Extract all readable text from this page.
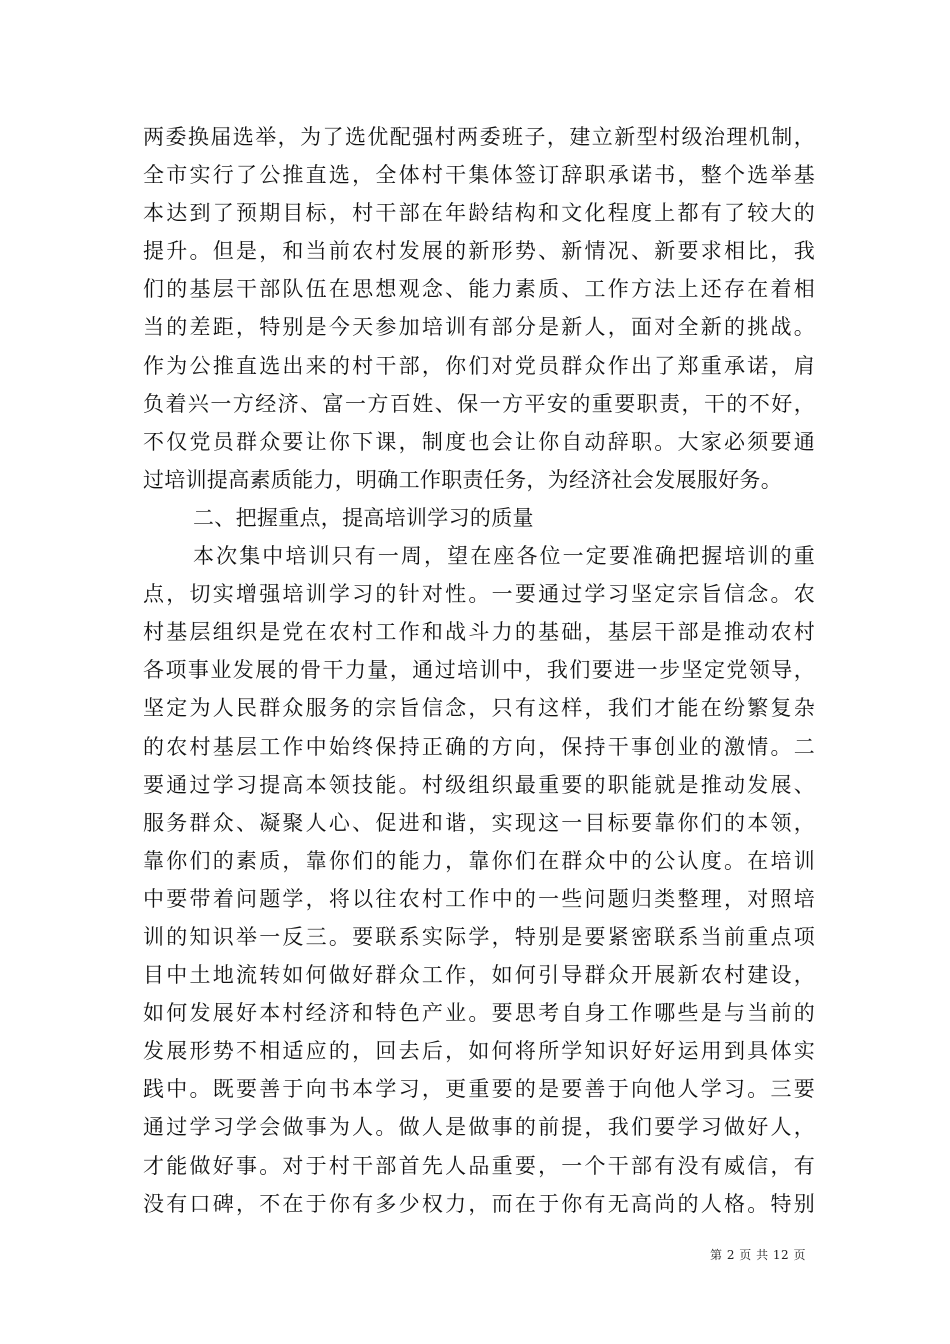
两委换届选举，为了选优配强村两委班子，建立新型村级治理机制，
全市实行了公推直选，全体村干集体签订辞职承诺书，整个选举基
本达到了预期目标，村干部在年龄结构和文化程度上都有了较大的
提升。但是，和当前农村发展的新形势、新情况、新要求相比，我
们的基层干部队伍在思想观念、能力素质、工作方法上还存在着相
当的差距，特别是今天参加培训有部分是新人，面对全新的挑战。
作为公推直选出来的村干部，你们对党员群众作出了郑重承诺，肩
负着兴一方经济、富一方百姓、保一方平安的重要职责，干的不好，
不仅党员群众要让你下课，制度也会让你自动辞职。大家必须要通
过培训提高素质能力，明确工作职责任务，为经济社会发展服好务。
二、把握重点，提高培训学习的质量
本次集中培训只有一周，望在座各位一定要准确把握培训的重
点，切实增强培训学习的针对性。一要通过学习坚定宗旨信念。农
村基层组织是党在农村工作和战斗力的基础，基层干部是推动农村
各项事业发展的骨干力量，通过培训中，我们要进一步坚定党领导，
坚定为人民群众服务的宗旨信念，只有这样，我们才能在纷繁复杂
的农村基层工作中始终保持正确的方向，保持干事创业的激情。二
要通过学习提高本领技能。村级组织最重要的职能就是推动发展、
服务群众、凝聚人心、促进和谐，实现这一目标要靠你们的本领，
靠你们的素质，靠你们的能力，靠你们在群众中的公认度。在培训
中要带着问题学，将以往农村工作中的一些问题归类整理，对照培
训的知识举一反三。要联系实际学，特别是要紧密联系当前重点项
目中土地流转如何做好群众工作，如何引导群众开展新农村建设，
如何发展好本村经济和特色产业。要思考自身工作哪些是与当前的
发展形势不相适应的，回去后，如何将所学知识好好运用到具体实
践中。既要善于向书本学习，更重要的是要善于向他人学习。三要
通过学习学会做事为人。做人是做事的前提，我们要学习做好人，
才能做好事。对于村干部首先人品重要，一个干部有没有威信，有
没有口碑，不在于你有多少权力，而在于你有无高尚的人格。特别
第 2 页 共 12 页
